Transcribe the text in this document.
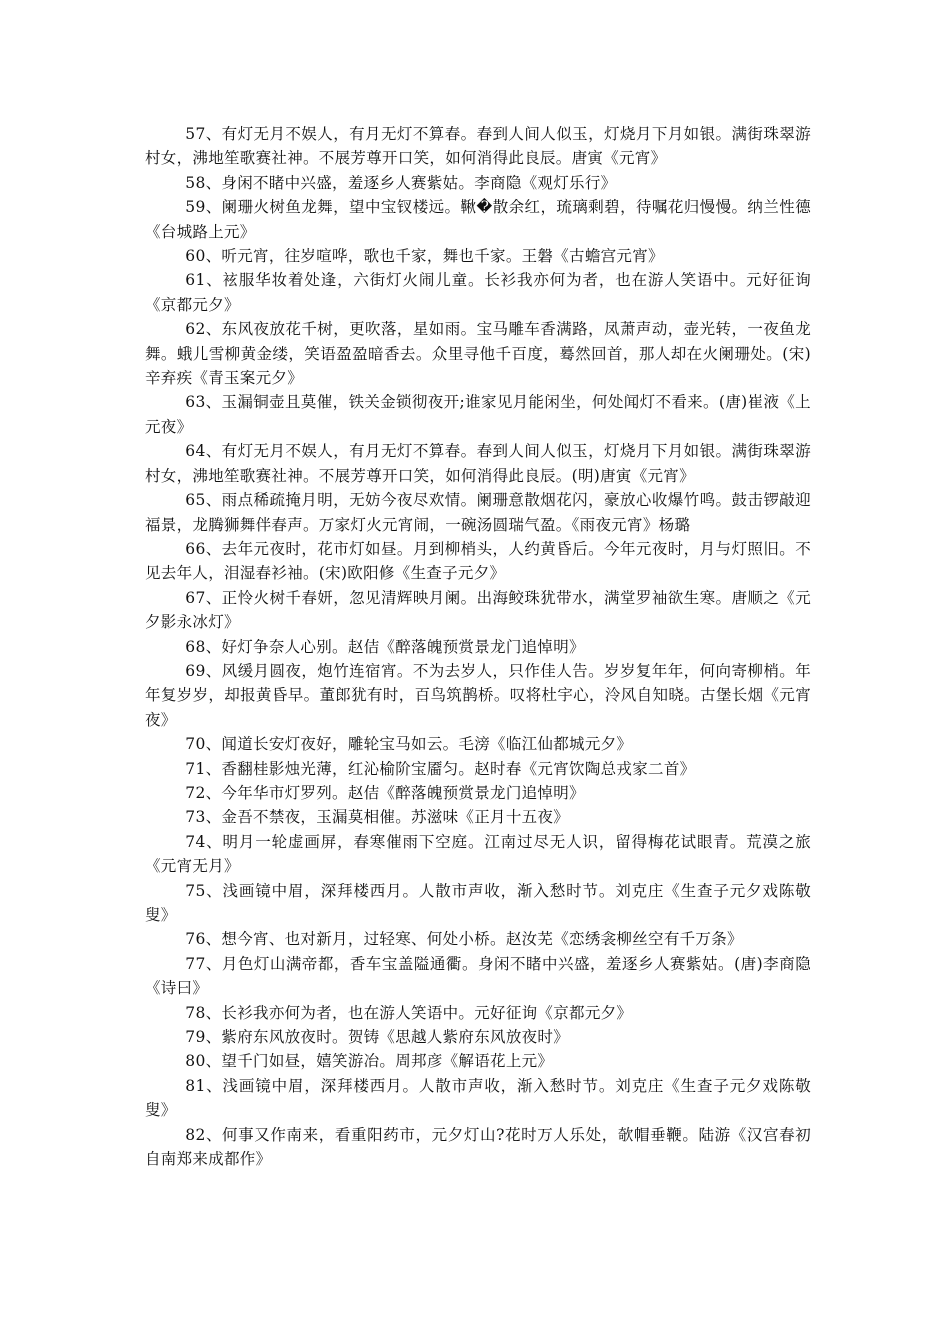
57、有灯无月不娱人，有月无灯不算春。春到人间人似玉，灯烧月下月如银。满街珠翠游村女，沸地笙歌赛社神。不展芳尊开口笑，如何消得此良辰。唐寅《元宵》

58、身闲不睹中兴盛，羞逐乡人赛紫姑。李商隐《观灯乐行》

59、阑珊火树鱼龙舞，望中宝钗楼远。鞦�散余红，琉璃剩碧，待嘱花归慢慢。纳兰性德《台城路上元》

60、听元宵，往岁喧哗，歌也千家，舞也千家。王磐《古蟾宫元宵》

61、袨服华妆着处逢，六街灯火闹儿童。长衫我亦何为者，也在游人笑语中。元好征询《京都元夕》

62、东风夜放花千树，更吹落，星如雨。宝马雕车香满路，凤萧声动，壶光转，一夜鱼龙舞。蛾儿雪柳黄金缕，笑语盈盈暗香去。众里寻他千百度，蓦然回首，那人却在火阑珊处。(宋)辛弃疾《青玉案元夕》

63、玉漏铜壶且莫催，铁关金锁彻夜开;谁家见月能闲坐，何处闻灯不看来。(唐)崔液《上元夜》

64、有灯无月不娱人，有月无灯不算春。春到人间人似玉，灯烧月下月如银。满街珠翠游村女，沸地笙歌赛社神。不展芳尊开口笑，如何消得此良辰。(明)唐寅《元宵》

65、雨点稀疏掩月明，无妨今夜尽欢情。阑珊意散烟花闪，豪放心收爆竹鸣。鼓击锣敲迎福景，龙腾狮舞伴春声。万家灯火元宵闹，一碗汤圆瑞气盈。《雨夜元宵》杨璐

66、去年元夜时，花市灯如昼。月到柳梢头，人约黄昏后。今年元夜时，月与灯照旧。不见去年人，泪湿春衫袖。(宋)欧阳修《生查子元夕》

67、正怜火树千春妍，忽见清辉映月阑。出海鲛珠犹带水，满堂罗袖欲生寒。唐顺之《元夕影永冰灯》

68、好灯争奈人心别。赵佶《醉落魄预赏景龙门追悼明》

69、风缓月圆夜，炮竹连宿宵。不为去岁人，只作佳人告。岁岁复年年，何向寄柳梢。年年复岁岁，却报黄昏早。董郎犹有时，百鸟筑鹊桥。叹将杜宇心，泠风自知晓。古堡长烟《元宵夜》

70、闻道长安灯夜好，雕轮宝马如云。毛滂《临江仙都城元夕》

71、香翻桂影烛光薄，红沁榆阶宝靥匀。赵时春《元宵饮陶总戎家二首》

72、今年华市灯罗列。赵佶《醉落魄预赏景龙门追悼明》

73、金吾不禁夜，玉漏莫相催。苏滋味《正月十五夜》

74、明月一轮虚画屏，春寒催雨下空庭。江南过尽无人识，留得梅花试眼青。荒漠之旅《元宵无月》

75、浅画镜中眉，深拜楼西月。人散市声收，渐入愁时节。刘克庄《生查子元夕戏陈敬叟》

76、想今宵、也对新月，过轻寒、何处小桥。赵汝芜《恋绣衾柳丝空有千万条》

77、月色灯山满帝都，香车宝盖隘通衢。身闲不睹中兴盛，羞逐乡人赛紫姑。(唐)李商隐《诗曰》

78、长衫我亦何为者，也在游人笑语中。元好征询《京都元夕》

79、紫府东风放夜时。贺铸《思越人紫府东风放夜时》

80、望千门如昼，嬉笑游冶。周邦彦《解语花上元》

81、浅画镜中眉，深拜楼西月。人散市声收，渐入愁时节。刘克庄《生查子元夕戏陈敬叟》

82、何事又作南来，看重阳药市，元夕灯山?花时万人乐处，欹帽垂鞭。陆游《汉宫春初自南郑来成都作》
